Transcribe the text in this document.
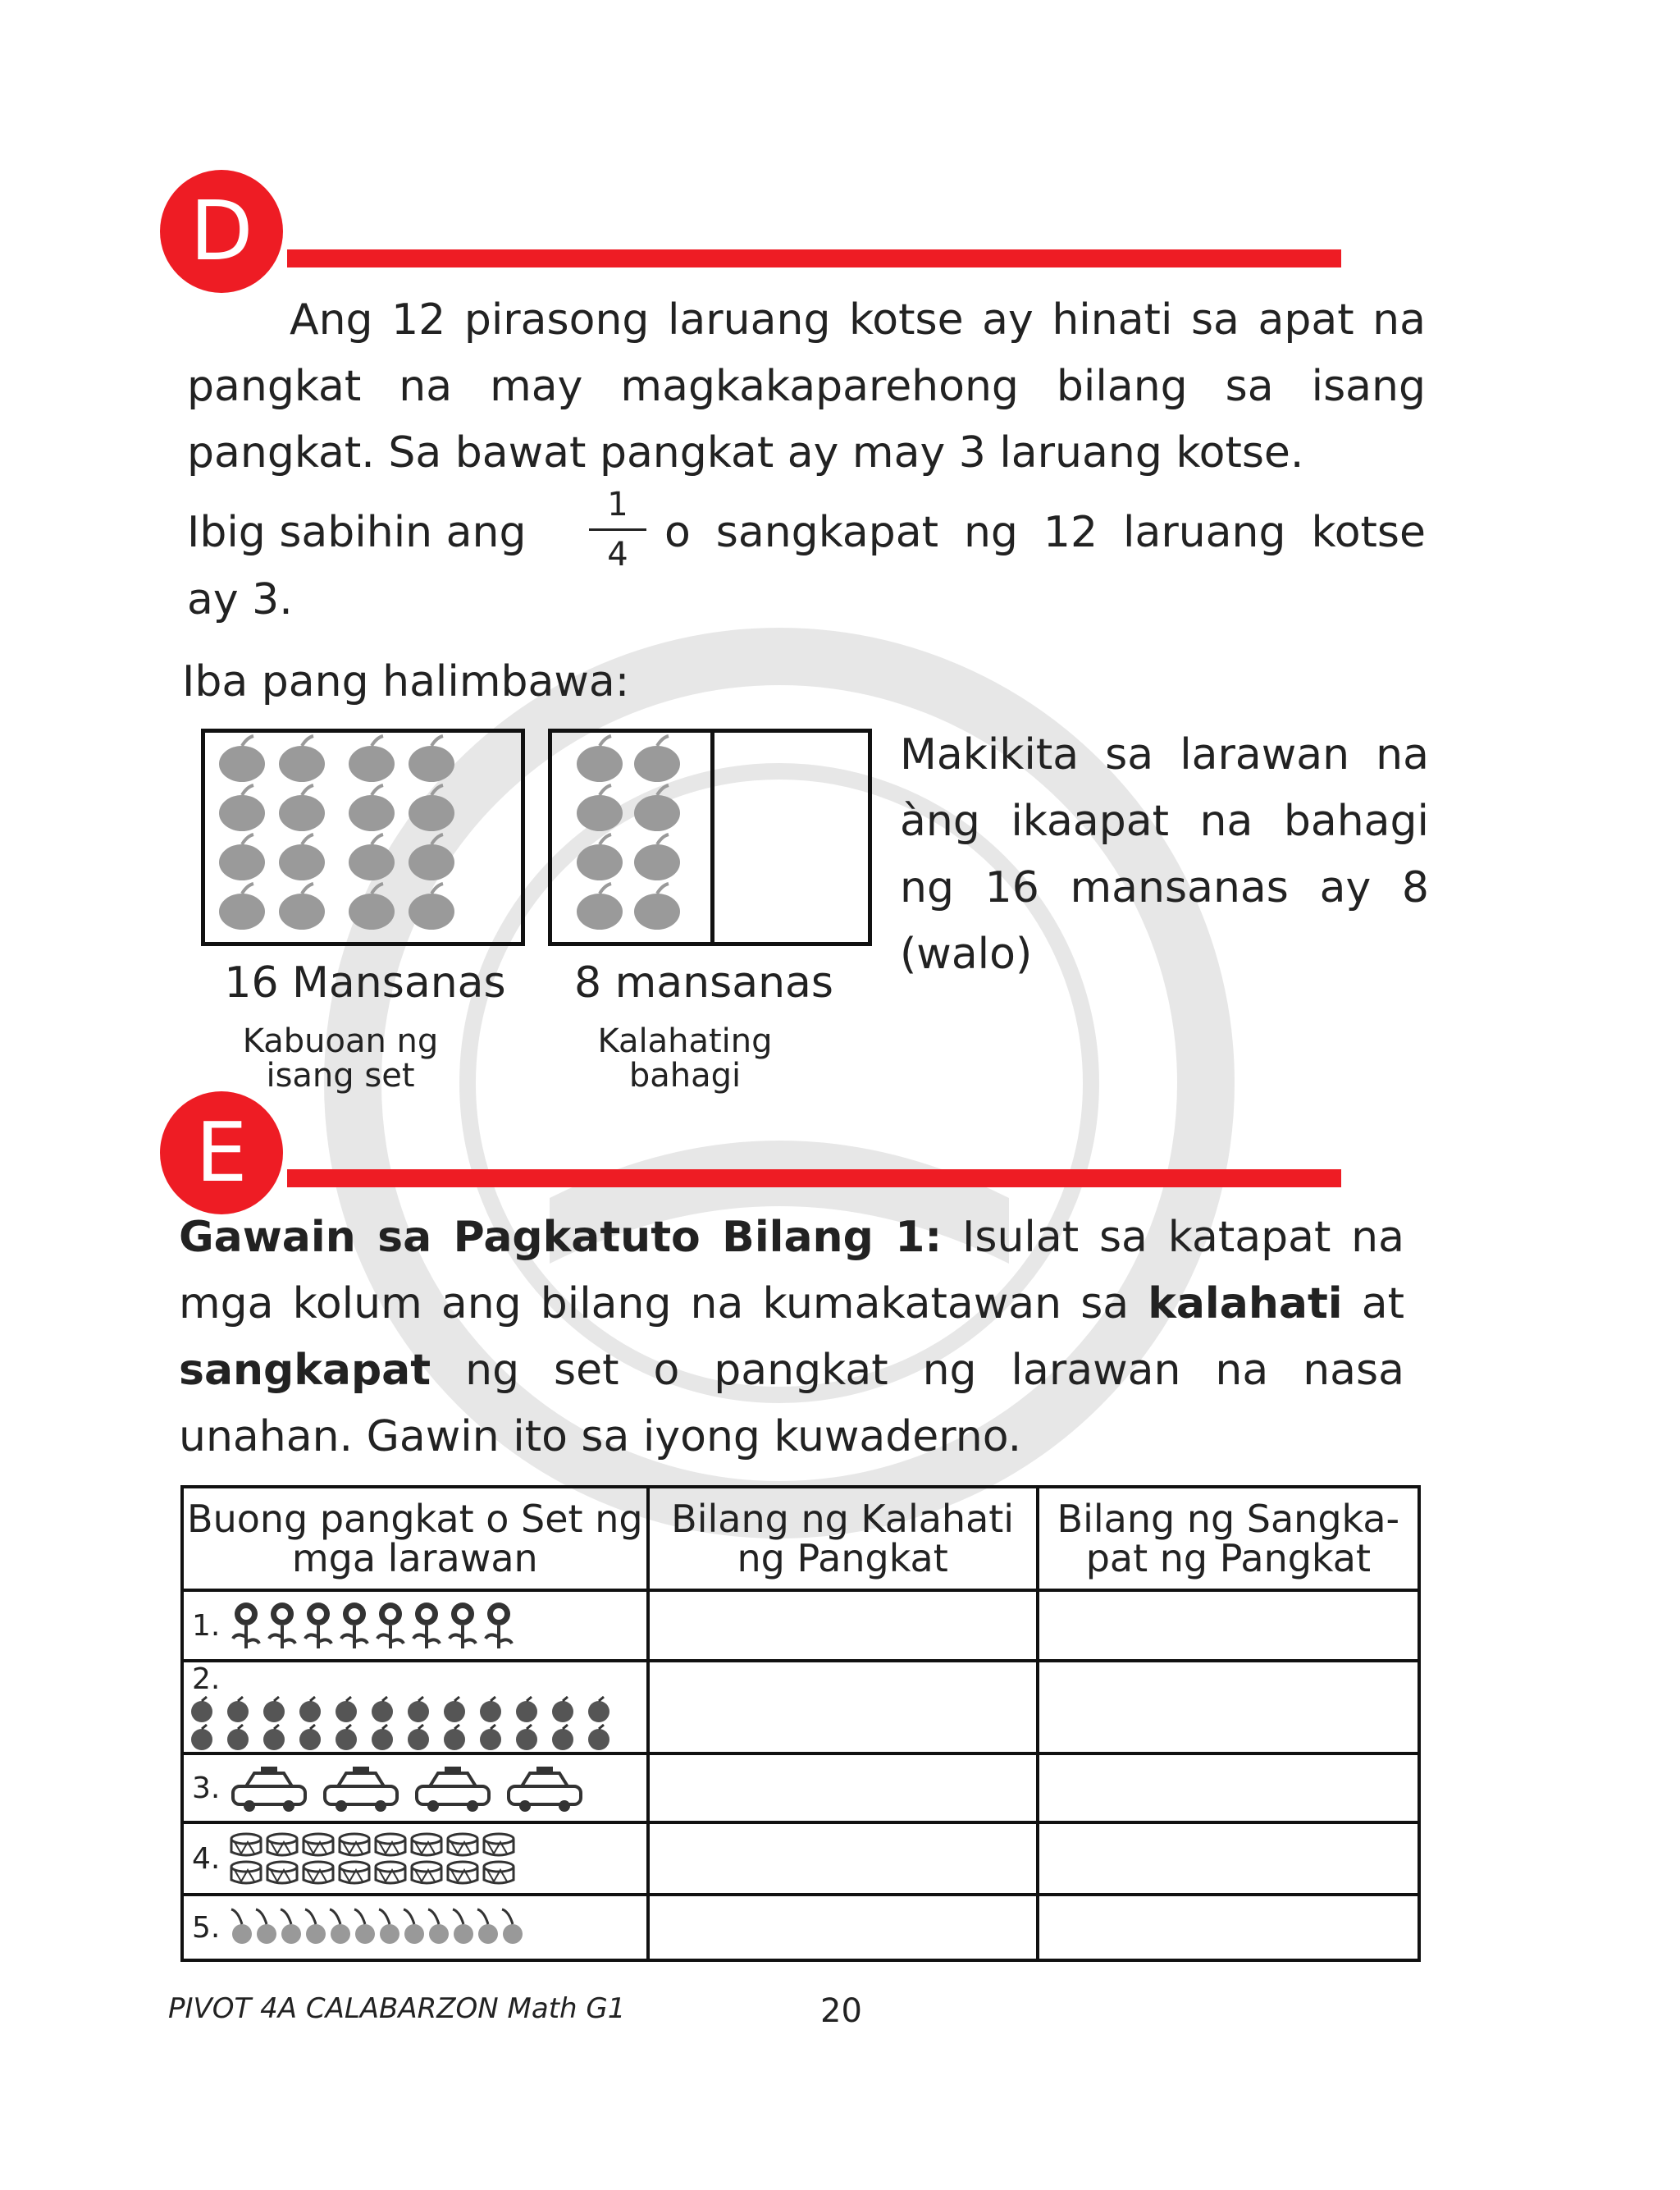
D
Ang 12 pirasong laruang kotse ay hinati sa apat na pangkat na may magkakaparehong bilang sa isang pangkat. Sa bawat pangkat ay may 3 laruang kotse.
Ibig sabihin ang
1
4 o sangkapat ng 12 laruang kotse
ay 3.
Iba pang halimbawa:
16 Mansanas
Kabuoan ng isang set
8 mansanas
Kalahating bahagi
Makikita sa larawan na àng ikaapat na bahagi ng 16 mansanas ay 8 (walo)
E
Gawain sa Pagkatuto Bilang 1: Isulat sa katapat na mga kolum ang bilang na kumakatawan sa kalahati at sangkapat ng set o pangkat ng larawan na nasa unahan. Gawin ito sa iyong kuwaderno.
Buong pangkat o Set ng mga larawan	Bilang ng Kalahati ng Pangkat	Bilang ng Sangka-pat ng Pangkat
1.

2.

3.

4.

5.

PIVOT 4A CALABARZON Math G1	20
